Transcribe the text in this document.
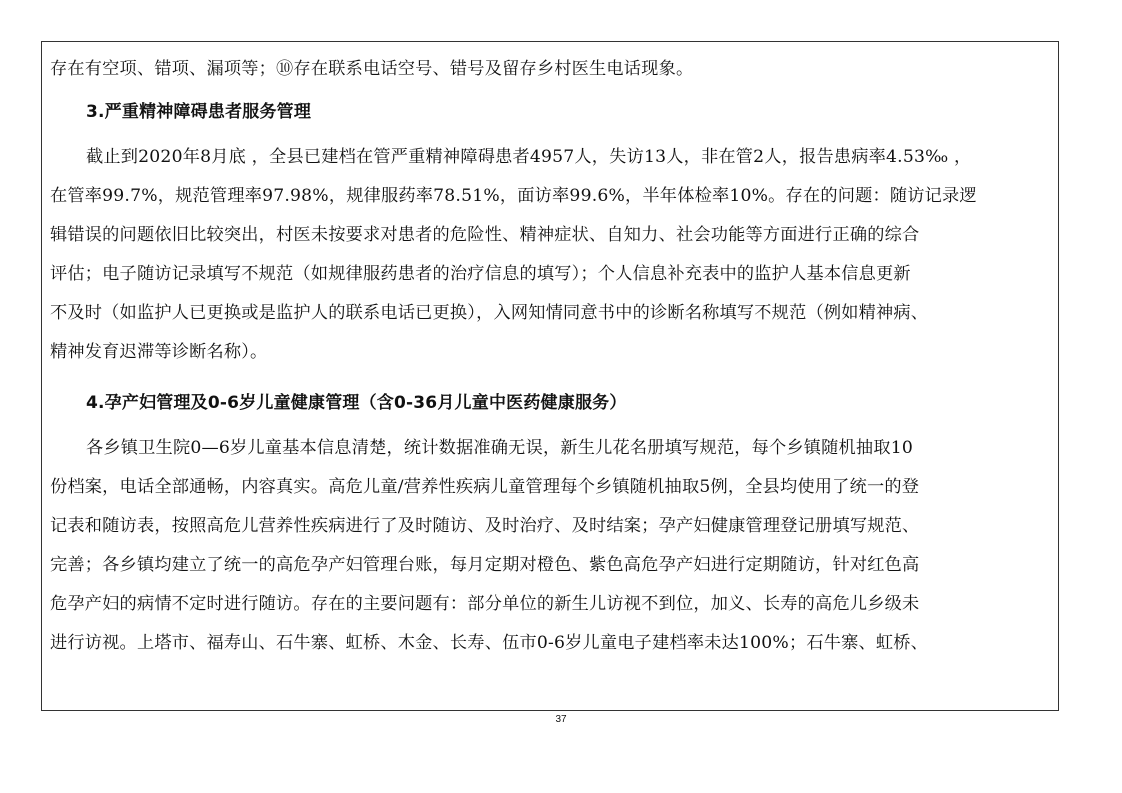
存在有空项、错项、漏项等；⑩存在联系电话空号、错号及留存乡村医生电话现象。
3.严重精神障碍患者服务管理
截止到2020年8月底 ，全县已建档在管严重精神障碍患者4957人，失访13人，非在管2人，报告患病率4.53‰ ，
在管率99.7%，规范管理率97.98%，规律服药率78.51%，面访率99.6%，半年体检率10%。存在的问题：随访记录逻
辑错误的问题依旧比较突出，村医未按要求对患者的危险性、精神症状、自知力、社会功能等方面进行正确的综合
评估；电子随访记录填写不规范（如规律服药患者的治疗信息的填写）；个人信息补充表中的监护人基本信息更新
不及时（如监护人已更换或是监护人的联系电话已更换），入网知情同意书中的诊断名称填写不规范（例如精神病、
精神发育迟滞等诊断名称）。
4.孕产妇管理及0-6岁儿童健康管理（含0-36月儿童中医药健康服务）
各乡镇卫生院0—6岁儿童基本信息清楚，统计数据准确无误，新生儿花名册填写规范，每个乡镇随机抽取10
份档案，电话全部通畅，内容真实。高危儿童/营养性疾病儿童管理每个乡镇随机抽取5例，全县均使用了统一的登
记表和随访表，按照高危儿营养性疾病进行了及时随访、及时治疗、及时结案；孕产妇健康管理登记册填写规范、
完善；各乡镇均建立了统一的高危孕产妇管理台账，每月定期对橙色、紫色高危孕产妇进行定期随访，针对红色高
危孕产妇的病情不定时进行随访。存在的主要问题有：部分单位的新生儿访视不到位，加义、长寿的高危儿乡级未
进行访视。上塔市、福寿山、石牛寨、虹桥、木金、长寿、伍市0-6岁儿童电子建档率未达100%；石牛寨、虹桥、
37
